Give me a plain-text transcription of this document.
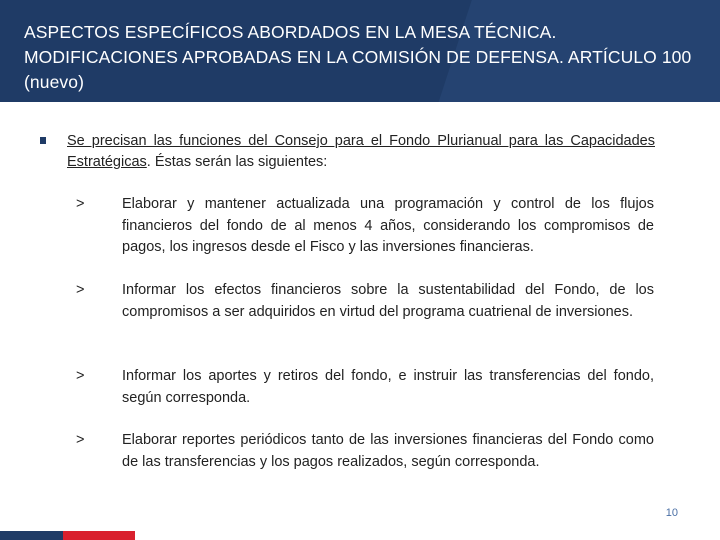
ASPECTOS ESPECÍFICOS ABORDADOS EN LA MESA TÉCNICA. MODIFICACIONES APROBADAS EN LA COMISIÓN DE DEFENSA. ARTÍCULO 100 (nuevo)
Se precisan las funciones del Consejo para el Fondo Plurianual para las Capacidades Estratégicas. Éstas serán las siguientes:
>	Elaborar y mantener actualizada una programación y control de los flujos financieros del fondo de al menos 4 años, considerando los compromisos de pagos, los ingresos desde el Fisco y las inversiones financieras.
>	Informar los efectos financieros sobre la sustentabilidad del Fondo, de los compromisos a ser adquiridos en virtud del programa cuatrienal de inversiones.
>	Informar los aportes y retiros del fondo, e instruir las transferencias del fondo, según corresponda.
>	Elaborar reportes periódicos tanto de las inversiones financieras del Fondo como de las transferencias y los pagos realizados, según corresponda.
10
